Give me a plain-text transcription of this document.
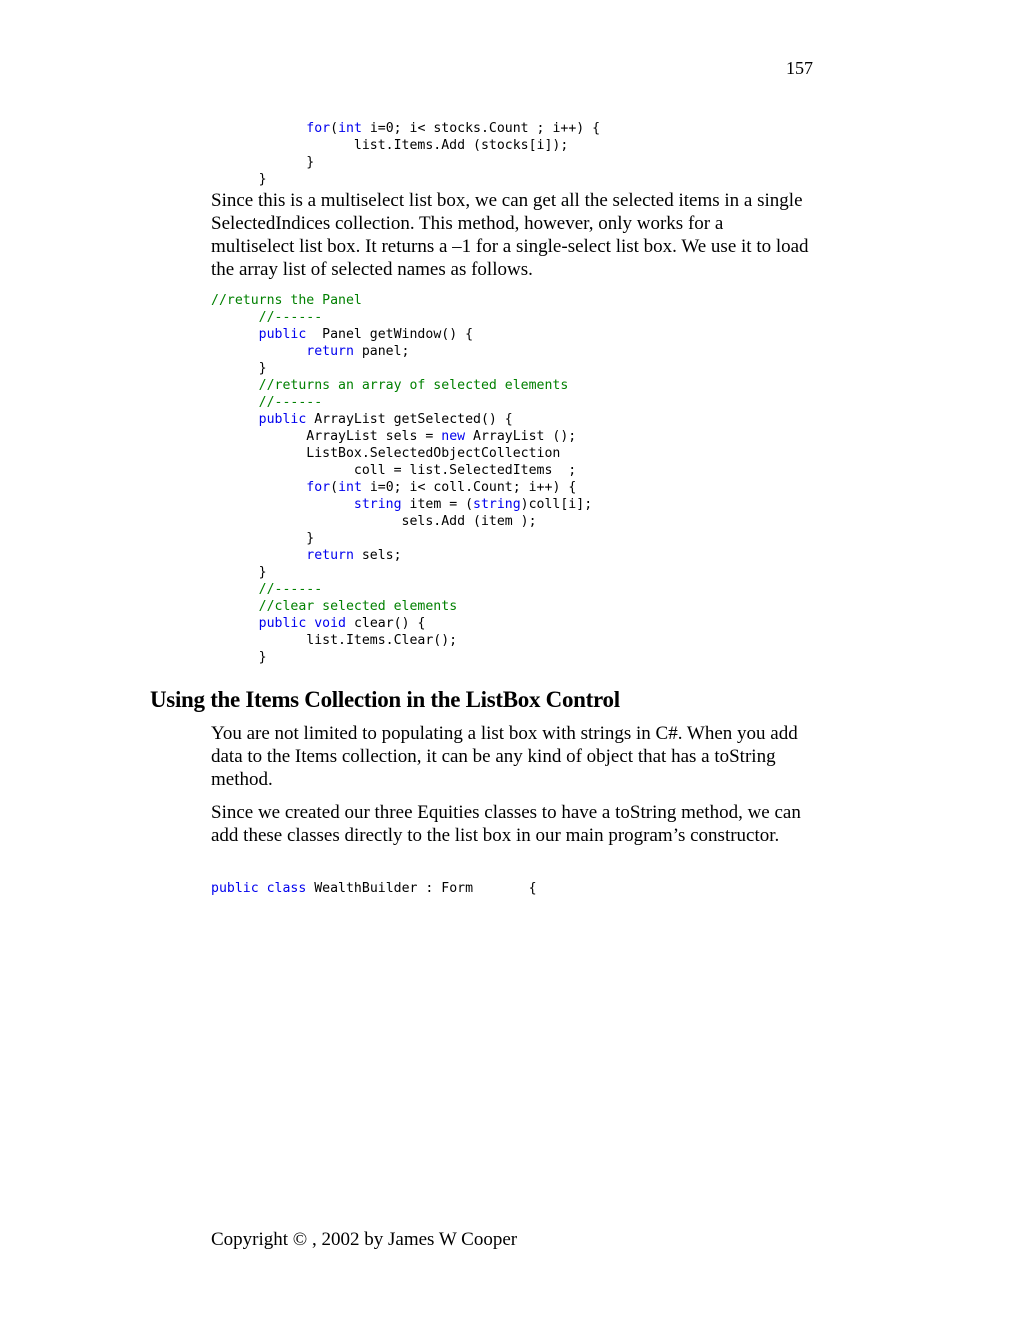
157
for(int i=0; i< stocks.Count ; i++) {
list.Items.Add (stocks[i]);
}
}

Since this is a multiselect list box, we can get all the selected items in a single SelectedIndices collection. This method, however, only works for a multiselect list box. It returns a –1 for a single-select list box. We use it to load the array list of selected names as follows.

//returns the Panel
//------
public  Panel getWindow() {
return panel;
}
//returns an array of selected elements
//------
public ArrayList getSelected() {
ArrayList sels = new ArrayList ();
ListBox.SelectedObjectCollection
coll = list.SelectedItems  ;
for(int i=0; i< coll.Count; i++) {
string item = (string)coll[i];
sels.Add (item );
}
return sels;
}
//------
//clear selected elements
public void clear() {
list.Items.Clear();
}
Using the Items Collection in the ListBox Control

You are not limited to populating a list box with strings in C#. When you add data to the Items collection, it can be any kind of object that has a toString method.

Since we created our three Equities classes to have a toString method, we can add these classes directly to the list box in our main program’s constructor.

public class WealthBuilder : Form       {
Copyright © , 2002 by James W Cooper
